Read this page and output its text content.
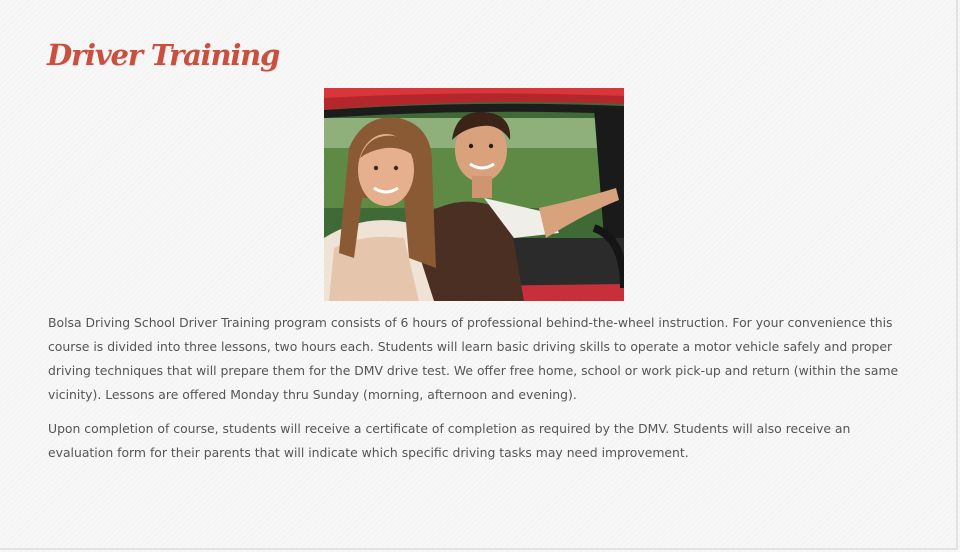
Driver Training

Bolsa Driving School Driver Training program consists of 6 hours of professional behind-the-wheel instruction. For your convenience this course is divided into three lessons, two hours each. Students will learn basic driving skills to operate a motor vehicle safely and proper driving techniques that will prepare them for the DMV drive test. We offer free home, school or work pick-up and return (within the same vicinity). Lessons are offered Monday thru Sunday (morning, afternoon and evening).

Upon completion of course, students will receive a certificate of completion as required by the DMV. Students will also receive an evaluation form for their parents that will indicate which specific driving tasks may need improvement.
